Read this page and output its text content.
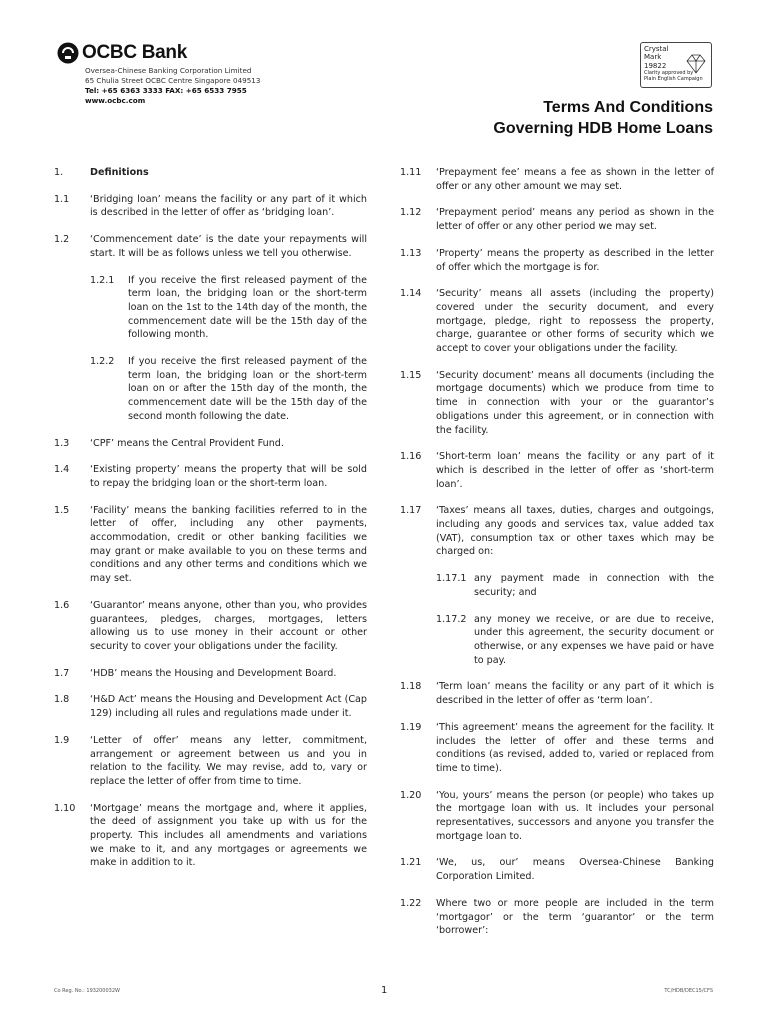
OCBC Bank
Oversea-Chinese Banking Corporation Limited
65 Chulia Street OCBC Centre Singapore 049513
Tel: +65 6363 3333 FAX: +65 6533 7955
www.ocbc.com
Crystal
Mark
19822
Clarity approved by
Plain English Campaign
Terms And Conditions
Governing HDB Home Loans
1.	Definitions
1.1	‘Bridging loan’ means the facility or any part of it which is described in the letter of offer as ‘bridging loan’.
1.2	‘Commencement date’ is the date your repayments will start. It will be as follows unless we tell you otherwise.
1.2.1	If you receive the first released payment of the term loan, the bridging loan or the short-term loan on the 1st to the 14th day of the month, the commencement date will be the 15th day of the following month.
1.2.2	If you receive the first released payment of the term loan, the bridging loan or the short-term loan on or after the 15th day of the month, the commencement date will be the 15th day of the second month following the date.
1.3	‘CPF’ means the Central Provident Fund.
1.4	‘Existing property’ means the property that will be sold to repay the bridging loan or the short-term loan.
1.5	‘Facility’ means the banking facilities referred to in the letter of offer, including any other payments, accommodation, credit or other banking facilities we may grant or make available to you on these terms and conditions and any other terms and conditions which we may set.
1.6	‘Guarantor’ means anyone, other than you, who provides guarantees, pledges, charges, mortgages, letters allowing us to use money in their account or other security to cover your obligations under the facility.
1.7	‘HDB’ means the Housing and Development Board.
1.8	‘H&D Act’ means the Housing and Development Act (Cap 129) including all rules and regulations made under it.
1.9	‘Letter of offer’ means any letter, commitment, arrangement or agreement between us and you in relation to the facility. We may revise, add to, vary or replace the letter of offer from time to time.
1.10	‘Mortgage’ means the mortgage and, where it applies, the deed of assignment you take up with us for the property. This includes all amendments and variations we make to it, and any mortgages or agreements we make in addition to it.
1.11	‘Prepayment fee’ means a fee as shown in the letter of offer or any other amount we may set.
1.12	‘Prepayment period’ means any period as shown in the letter of offer or any other period we may set.
1.13	‘Property’ means the property as described in the letter of offer which the mortgage is for.
1.14	‘Security’ means all assets (including the property) covered under the security document, and every mortgage, pledge, right to repossess the property, charge, guarantee or other forms of security which we accept to cover your obligations under the facility.
1.15	‘Security document’ means all documents (including the mortgage documents) which we produce from time to time in connection with your or the guarantor’s obligations under this agreement, or in connection with the facility.
1.16	‘Short-term loan’ means the facility or any part of it which is described in the letter of offer as ‘short-term loan’.
1.17	‘Taxes’ means all taxes, duties, charges and outgoings, including any goods and services tax, value added tax (VAT), consumption tax or other taxes which may be charged on:
1.17.1 any payment made in connection with the security; and
1.17.2 any money we receive, or are due to receive, under this agreement, the security document or otherwise, or any expenses we have paid or have to pay.
1.18	‘Term loan’ means the facility or any part of it which is described in the letter of offer as ‘term loan’.
1.19	‘This agreement’ means the agreement for the facility. It includes the letter of offer and these terms and conditions (as revised, added to, varied or replaced from time to time).
1.20	‘You, yours’ means the person (or people) who takes up the mortgage loan with us. It includes your personal representatives, successors and anyone you transfer the mortgage loan to.
1.21	‘We, us, our’ means Oversea-Chinese Banking Corporation Limited.
1.22	Where two or more people are included in the term ‘mortgagor’ or the term ‘guarantor’ or the term ‘borrower’:
Co Reg. No.: 193200032W	1	TC/HDB/DEC15/CFS
